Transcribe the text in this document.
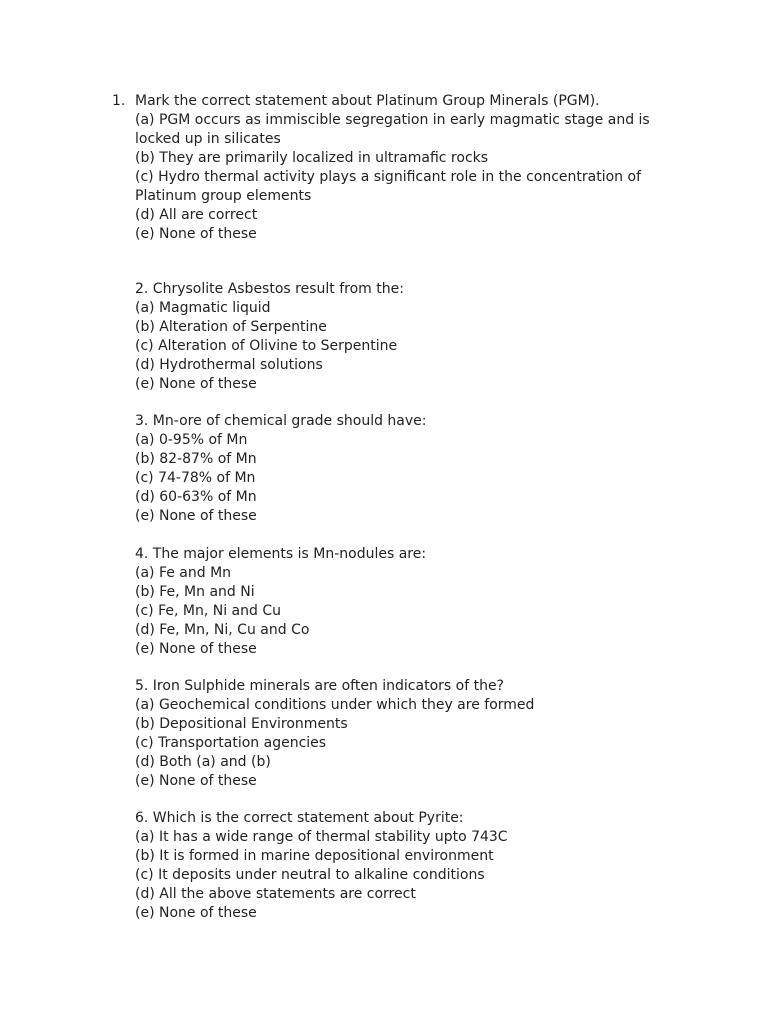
1. Mark the correct statement about Platinum Group Minerals (PGM).
(a) PGM occurs as immiscible segregation in early magmatic stage and is locked up in silicates
(b) They are primarily localized in ultramafic rocks
(c) Hydro thermal activity plays a significant role in the concentration of Platinum group elements
(d) All are correct
(e) None of these
2. Chrysolite Asbestos result from the:
(a) Magmatic liquid
(b) Alteration of Serpentine
(c) Alteration of Olivine to Serpentine
(d) Hydrothermal solutions
(e) None of these
3. Mn-ore of chemical grade should have:
(a) 0-95% of Mn
(b) 82-87% of Mn
(c) 74-78% of Mn
(d) 60-63% of Mn
(e) None of these
4. The major elements is Mn-nodules are:
(a) Fe and Mn
(b) Fe, Mn and Ni
(c) Fe, Mn, Ni and Cu
(d) Fe, Mn, Ni, Cu and Co
(e) None of these
5. Iron Sulphide minerals are often indicators of the?
(a) Geochemical conditions under which they are formed
(b) Depositional Environments
(c) Transportation agencies
(d) Both (a) and (b)
(e) None of these
6. Which is the correct statement about Pyrite:
(a) It has a wide range of thermal stability upto 743C
(b) It is formed in marine depositional environment
(c) It deposits under neutral to alkaline conditions
(d) All the above statements are correct
(e) None of these
